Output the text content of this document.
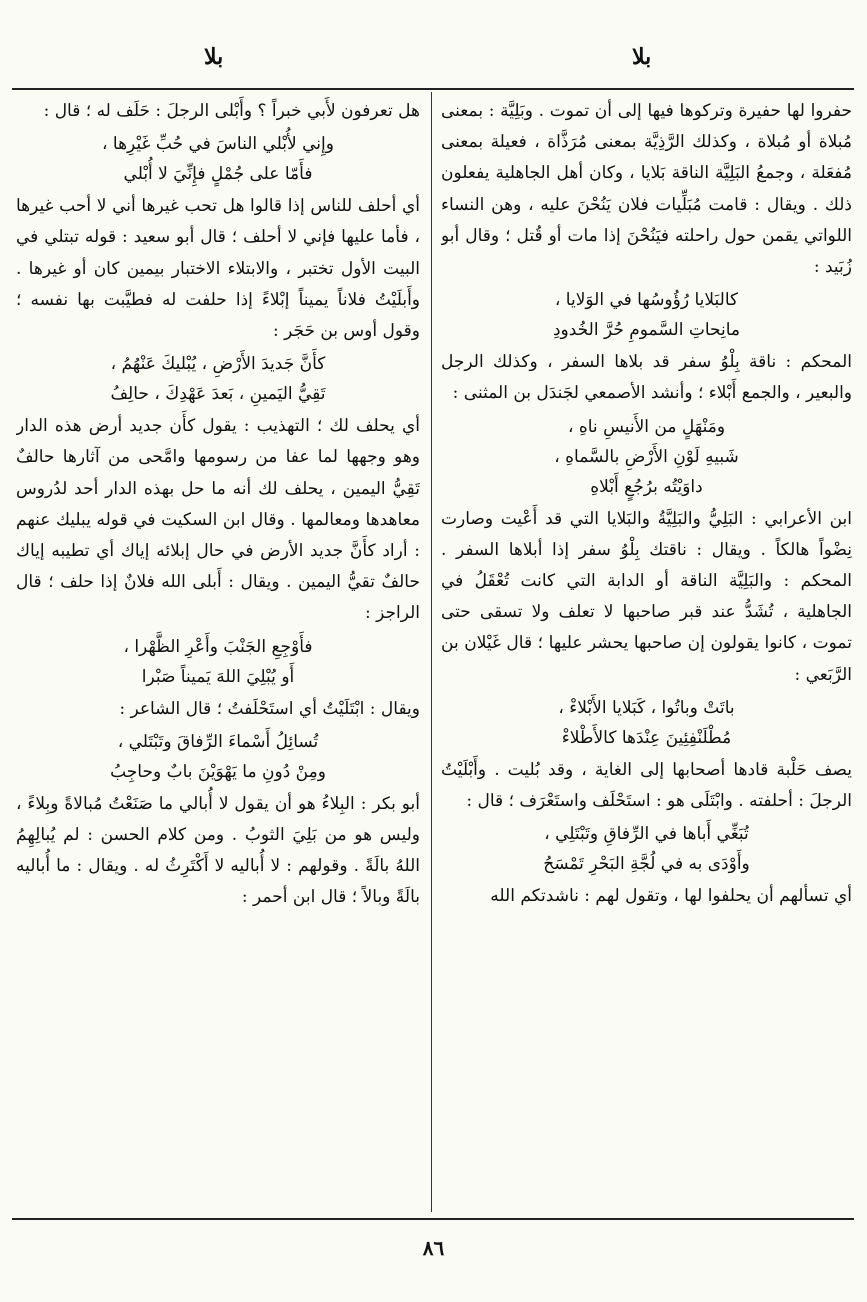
بلا
بلا

حفروا لها حفيرة وتركوها فيها إلى أن تموت . وبَلِيَّة : بمعنى مُبلاة أو مُبلاة ، وكذلك الرَّذِيَّة بمعنى مُرَذَّاة ، فعيلة بمعنى مُفعَلة ، وجمعُ البَلِيَّة الناقة بَلايا ، وكان أهل الجاهلية يفعلون ذلك . ويقال : قامت مُبَلِّيات فلان يَنُحْنَ عليه ، وهن النساء اللواتي يقمن حول راحلته فيَنُحْنَ إذا مات أو قُتل ؛ وقال أبو زُبَيد :

كالبَلايا رُؤُوسُها في الوَلايا ،
مانِحاتِ السَّمومِ حُرَّ الخُدودِ

المحكم : ناقة بِلْوُ سفر قد بلاها السفر ، وكذلك الرجل والبعير ، والجمع أَبْلاء ؛ وأنشد الأصمعي لجَندَل بن المثنى :

ومَنْهَلٍ من الأَنيسِ ناهِ ،
شَبيهِ لَوْنِ الأَرْضِ بالسَّماهِ ،
داوَيْتُه برُجُعٍ أَبْلاهِ

ابن الأعرابي : البَلِيُّ والبَلِيَّةُ والبَلايا التي قد أَعْيت وصارت نِضْواً هالكاً . ويقال : ناقتك بِلْوُ سفر إذا أبلاها السفر . المحكم : والبَلِيَّة الناقة أو الدابة التي كانت تُعْقَلُ في الجاهلية ، تُشَدُّ عند قبر صاحبها لا تعلف ولا تسقى حتى تموت ، كانوا يقولون إن صاحبها يحشر عليها ؛ قال غَيْلان بن الرَّبَعي :

باتَتْ وباتُوا ، كَبَلايا الأَبْلاءْ ،
مُطْلَنْفِئِينَ عِنْدَها كالأَطْلاءْ

يصف حَلْبة قادها أصحابها إلى الغاية ، وقد بُليت . وأَبْلَيْتُ الرجلَ : أحلفته . وابْتَلَى هو : استَحْلَف واستَعْرَف ؛ قال :

تُبَغِّي أَباها في الرِّفاقِ وتَبْتَلِي ،
وأَوْدَى به في لُجَّةِ البَحْرِ تَمْسَحُ

أي تسألهم أن يحلفوا لها ، وتقول لهم : ناشدتكم الله

هل تعرفون لأَبي خبراً ؟ وأَبْلى الرجلَ : حَلَف له ؛ قال :

وإِني لأُبْلي الناسَ في حُبِّ غَيْرِها ،
فأَمّا على جُمْلٍ فإِنِّيَ لا أُبْلي

أي أحلف للناس إذا قالوا هل تحب غيرها أني لا أحب غيرها ، فأما عليها فإني لا أحلف ؛ قال أبو سعيد : قوله تبتلي في البيت الأول تختبر ، والابتلاء الاختبار بيمين كان أو غيرها . وأَبلَيْتُ فلاناً يميناً إبْلاءً إذا حلفت له فطيَّبت بها نفسه ؛ وقول أوس بن حَجَر :

كأَنَّ جَديدَ الأَرْضِ ، يُبْليكَ عَنْهُمُ ،
تَقِيُّ اليَمينِ ، بَعدَ عَهْدِكَ ، حالِفُ

أي يحلف لك ؛ التهذيب : يقول كأَن جديد أرض هذه الدار وهو وجهها لما عفا من رسومها وامَّحى من آثارها حالفٌ تَقِيُّ اليمين ، يحلف لك أنه ما حل بهذه الدار أحد لدُروس معاهدها ومعالمها . وقال ابن السكيت في قوله يبليك عنهم : أراد كأَنَّ جديد الأرض في حال إبلائه إياك أي تطيبه إياك حالفٌ تقيُّ اليمين . ويقال : أَبلى الله فلانٌ إذا حلف ؛ قال الراجز :

فأَوْجِعِ الجَنْبَ وأَعْرِ الظَّهْرا ،
أَو يُبْلِيَ اللهَ يَميناً صَبْرا

ويقال : ابْتَلَيْتُ أي استَحْلَفتُ ؛ قال الشاعر :

تُسائِلُ أَسْماءَ الرِّفاقَ وتَبْتَلي ،
ومِنْ دُونِ ما يَهْوَيْنَ بابٌ وحاجِبُ

أبو بكر : البِلاءُ هو أن يقول لا أُبالي ما صَنَعْتُ مُبالاةً وبِلاءً ، وليس هو من بَلِيَ الثوبُ . ومن كلام الحسن : لم يُبالِهِمُ اللهُ بالَةً . وقولهم : لا أُباليه لا أَكْتَرِثُ له . ويقال : ما أُباليه بالَةً وبالاً ؛ قال ابن أحمر :

٨٦
